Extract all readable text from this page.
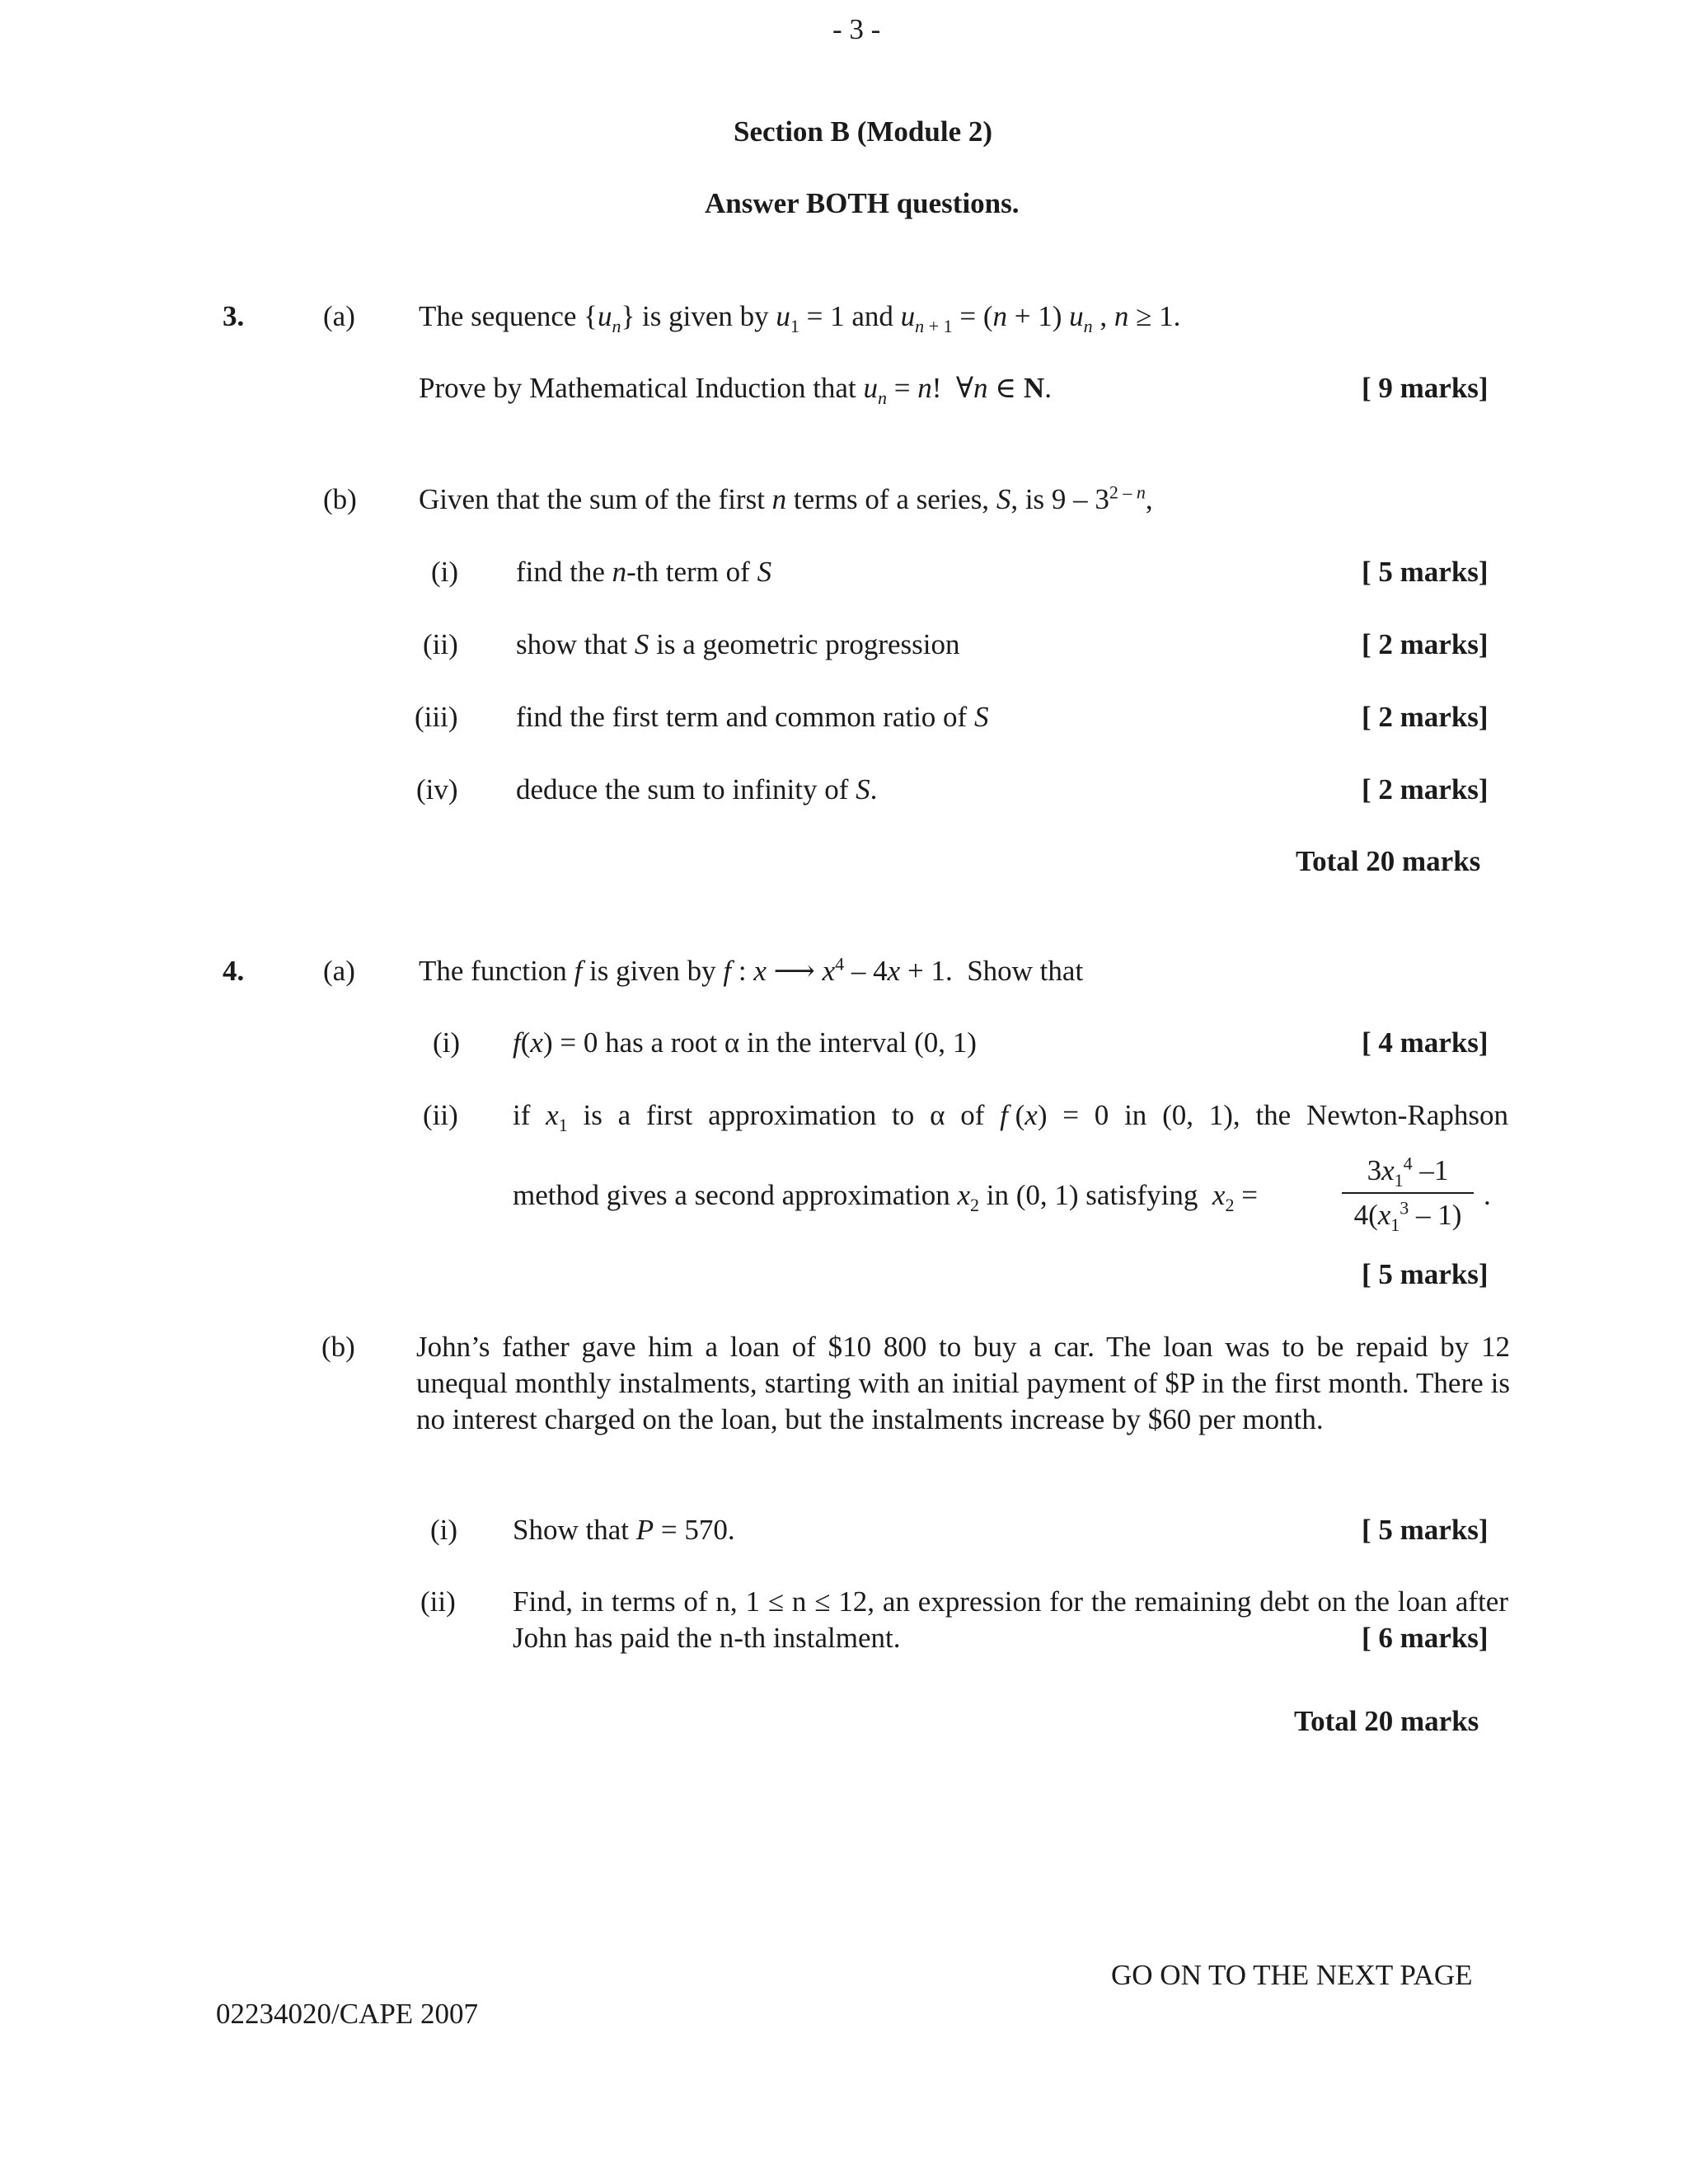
- 3 -
Section B (Module 2)
Answer BOTH questions.
3.	(a) The sequence $\{u_n\}$ is given by $u_1 = 1$ and $u_{n + 1} = (n + 1)$ $u_n$ , n ≥ 1.
Prove by Mathematical Induction that $u_n = n$!  ∀n ∈ N.	[ 9 marks]
(b) Given that the sum of the first n terms of a series, S, is 9 – 3$^{2 - n}$,
(i) find the n-th term of S	[ 5 marks]
(ii) show that S is a geometric progression	[ 2 marks]
(iii) find the first term and common ratio of S	[ 2 marks]
(iv) deduce the sum to infinity of S.	[ 2 marks]
Total 20 marks
4.	(a) The function f is given by f : x ⟶ $x^4 - 4x + 1$.  Show that
(i) f(x) = 0 has a root α in the interval (0, 1)	[ 4 marks]
(ii) if $x_1$ is a first approximation to α of f (x) = 0 in (0, 1), the Newton-Raphson
method gives a second approximation $x_2$ in (0, 1) satisfying  $x_2$ =
$3x_1^4$ –1
$4(x_1^3 - 1)$
.
[ 5 marks]
(b) John’s father gave him a loan of $10 800 to buy a car. The loan was to be repaid by 12 unequal monthly instalments, starting with an initial payment of $P in the first month. There is no interest charged on the loan, but the instalments increase by $60 per month.
(i) Show that P = 570.	[ 5 marks]
(ii) Find, in terms of n, 1 ≤ n ≤ 12, an expression for the remaining debt on the loan after John has paid the n-th instalment.	[ 6 marks]
Total 20 marks
GO ON TO THE NEXT PAGE
02234020/CAPE 2007
